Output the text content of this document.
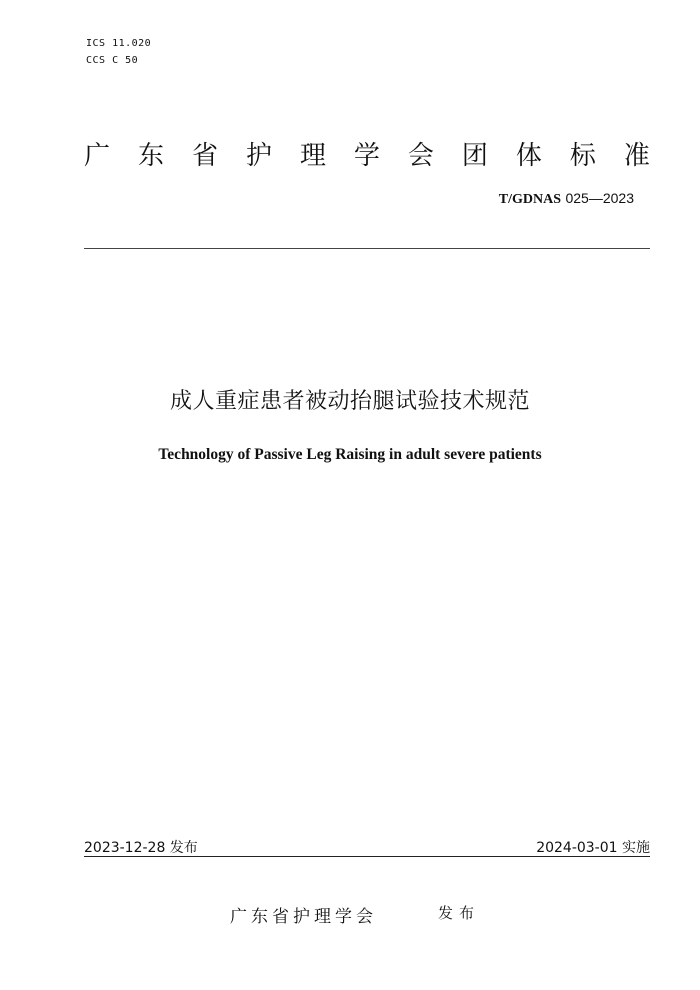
ICS 11.020
CCS C 50
广 东 省 护 理 学 会 团 体 标 准
T/GDNAS 025—2023
成人重症患者被动抬腿试验技术规范
Technology of Passive Leg Raising in adult severe patients
2023-12-28 发布	2024-03-01 实施
广东省护理学会	发布
